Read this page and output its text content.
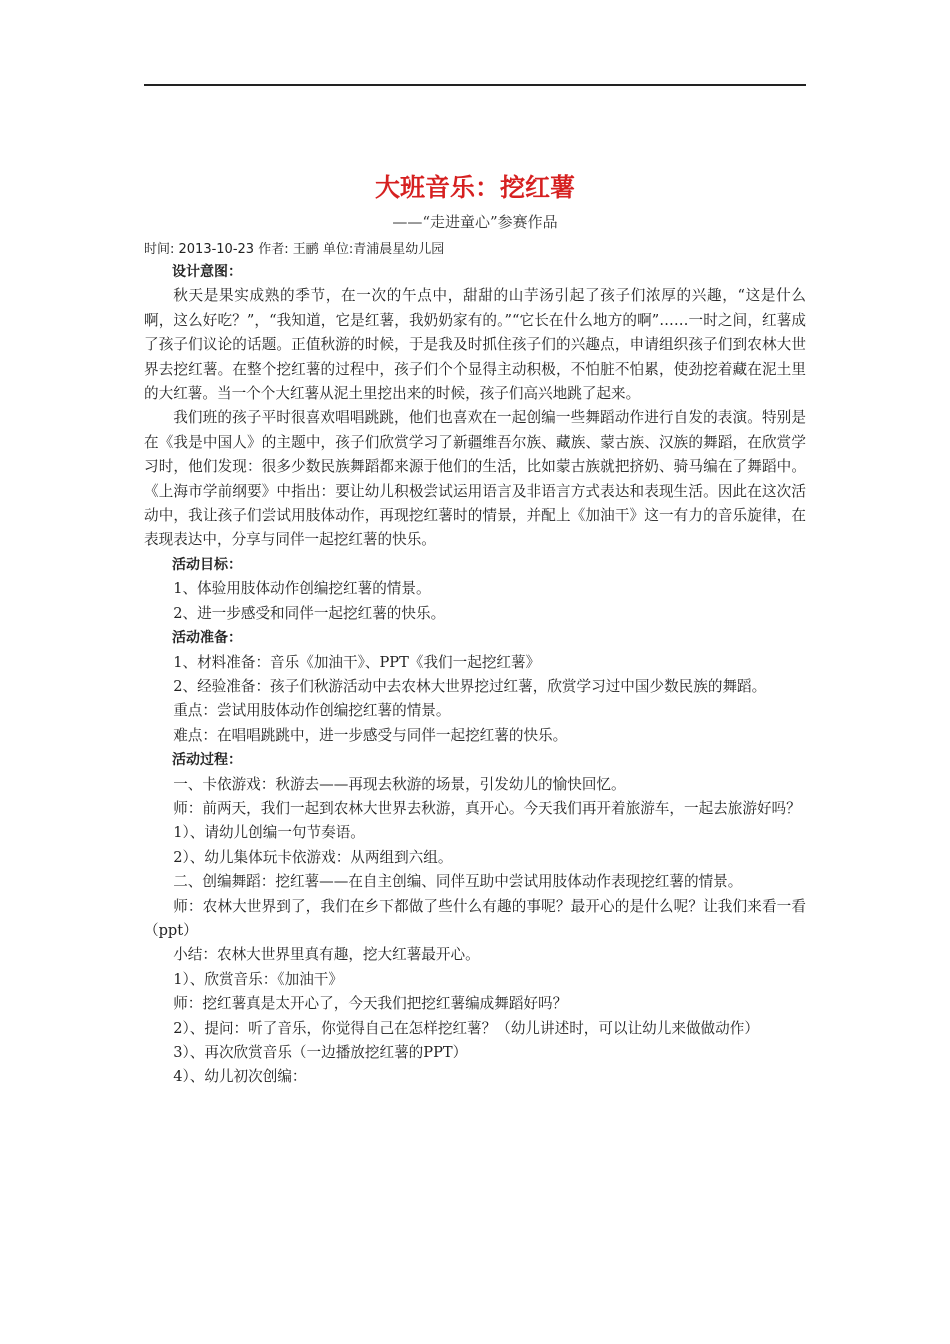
大班音乐：挖红薯
——“走进童心”参赛作品
时间: 2013-10-23 作者: 王鹂 单位:青浦晨星幼儿园

设计意图：

秋天是果实成熟的季节，在一次的午点中，甜甜的山芋汤引起了孩子们浓厚的兴趣，“这是什么啊，这么好吃？”，“我知道，它是红薯，我奶奶家有的。”“它长在什么地方的啊”……一时之间，红薯成了孩子们议论的话题。正值秋游的时候，于是我及时抓住孩子们的兴趣点，申请组织孩子们到农林大世界去挖红薯。在整个挖红薯的过程中，孩子们个个显得主动积极，不怕脏不怕累，使劲挖着藏在泥土里的大红薯。当一个个大红薯从泥土里挖出来的时候，孩子们高兴地跳了起来。

我们班的孩子平时很喜欢唱唱跳跳，他们也喜欢在一起创编一些舞蹈动作进行自发的表演。特别是在《我是中国人》的主题中，孩子们欣赏学习了新疆维吾尔族、藏族、蒙古族、汉族的舞蹈，在欣赏学习时，他们发现：很多少数民族舞蹈都来源于他们的生活，比如蒙古族就把挤奶、骑马编在了舞蹈中。《上海市学前纲要》中指出：要让幼儿积极尝试运用语言及非语言方式表达和表现生活。因此在这次活动中，我让孩子们尝试用肢体动作，再现挖红薯时的情景，并配上《加油干》这一有力的音乐旋律，在表现表达中，分享与同伴一起挖红薯的快乐。

活动目标：

1、体验用肢体动作创编挖红薯的情景。

2、进一步感受和同伴一起挖红薯的快乐。

活动准备：

1、材料准备：音乐《加油干》、PPT《我们一起挖红薯》

2、经验准备：孩子们秋游活动中去农林大世界挖过红薯，欣赏学习过中国少数民族的舞蹈。

重点：尝试用肢体动作创编挖红薯的情景。

难点：在唱唱跳跳中，进一步感受与同伴一起挖红薯的快乐。

活动过程：

一、卡依游戏：秋游去——再现去秋游的场景，引发幼儿的愉快回忆。

师：前两天，我们一起到农林大世界去秋游，真开心。今天我们再开着旅游车，一起去旅游好吗？

1）、请幼儿创编一句节奏语。

2）、幼儿集体玩卡依游戏：从两组到六组。

二、创编舞蹈：挖红薯——在自主创编、同伴互助中尝试用肢体动作表现挖红薯的情景。

师：农林大世界到了，我们在乡下都做了些什么有趣的事呢？最开心的是什么呢？让我们来看一看（ppt）

小结：农林大世界里真有趣，挖大红薯最开心。

1）、欣赏音乐：《加油干》

师：挖红薯真是太开心了，今天我们把挖红薯编成舞蹈好吗？

2）、提问：听了音乐，你觉得自己在怎样挖红薯？（幼儿讲述时，可以让幼儿来做做动作）

3）、再次欣赏音乐（一边播放挖红薯的PPT）

4）、幼儿初次创编：
